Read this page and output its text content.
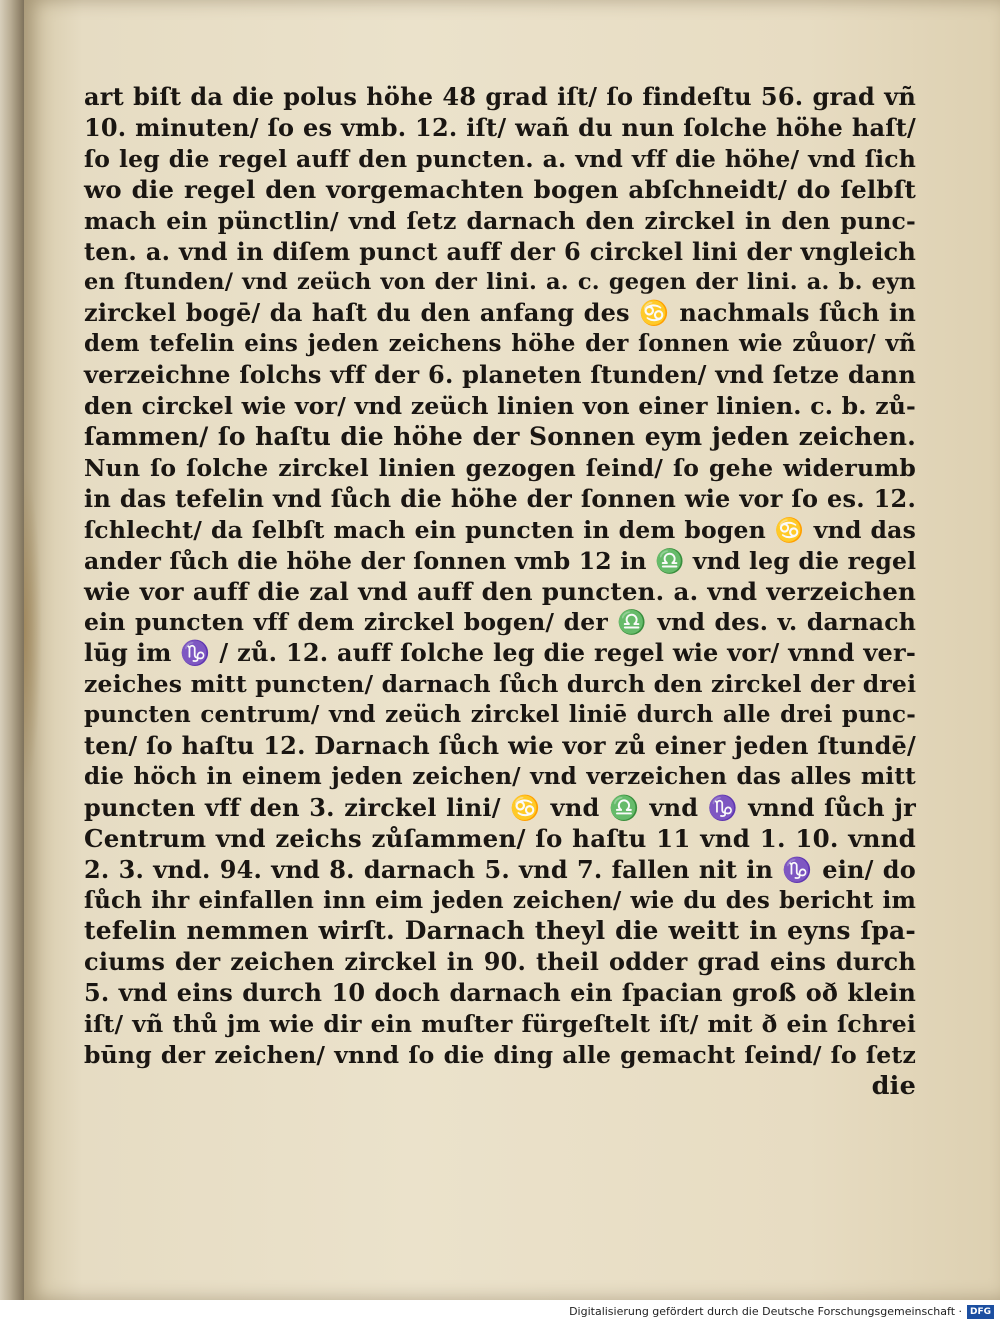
art biſt da die polus höhe 48 grad iſt/ ſo findeſtu 56. grad vñ
10. minuten/ ſo es vmb. 12. iſt/ wañ du nun ſolche höhe haſt/
ſo leg die regel auff den puncten. a. vnd vff die höhe/ vnd ſich
wo die regel den vorgemachten bogen abſchneidt/ do ſelbſt
mach ein pünctlin/ vnd ſetz darnach den zirckel in den punc-
ten. a. vnd in diſem punct auff der 6 circkel lini der vngleich
en ſtunden/ vnd zeüch von der lini. a. c. gegen der lini. a. b. eyn
zirckel bogē/ da haſt du den anfang des ♋ nachmals ſůch in
dem tefelin eins jeden zeichens höhe der ſonnen wie zůuor/ vñ
verzeichne ſolchs vff der 6. planeten ſtunden/ vnd ſetze dann
den circkel wie vor/ vnd zeüch linien von einer linien. c. b. zů-
ſammen/ ſo haſtu die höhe der Sonnen eym jeden zeichen.
Nun ſo ſolche zirckel linien gezogen ſeind/ ſo gehe widerumb
in das tefelin vnd ſůch die höhe der ſonnen wie vor ſo es. 12.
ſchlecht/ da ſelbſt mach ein puncten in dem bogen ♋ vnd das
ander ſůch die höhe der ſonnen vmb 12 in ♎ vnd leg die regel
wie vor auff die zal vnd auff den puncten. a. vnd verzeichen
ein puncten vff dem zirckel bogen/ der ♎ vnd des. v. darnach
lūg im ♑ / zů. 12. auff ſolche leg die regel wie vor/ vnnd ver-
zeiches mitt puncten/ darnach ſůch durch den zirckel der drei
puncten centrum/ vnd zeüch zirckel liniē durch alle drei punc-
ten/ ſo haſtu 12. Darnach ſůch wie vor zů einer jeden ſtundē/
die höch in einem jeden zeichen/ vnd verzeichen das alles mitt
puncten vff den 3. zirckel lini/ ♋ vnd ♎ vnd ♑ vnnd ſůch jr
Centrum vnd zeichs zůſammen/ ſo haſtu 11 vnd 1. 10. vnnd
2. 3. vnd. 94. vnd 8. darnach 5. vnd 7. fallen nit in ♑ ein/ do
ſůch ihr einfallen inn eim jeden zeichen/ wie du des bericht im
tefelin nemmen wirſt. Darnach theyl die weitt in eyns ſpa-
ciums der zeichen zirckel in 90. theil odder grad eins durch
5. vnd eins durch 10 doch darnach ein ſpacian groß oð klein
iſt/ vñ thů jm wie dir ein muſter fürgeſtelt iſt/ mit ð ein ſchrei
būng der zeichen/ vnnd ſo die ding alle gemacht ſeind/ ſo ſetz
die
Digitalisierung gefördert durch die Deutsche Forschungsgemeinschaft · DFG
